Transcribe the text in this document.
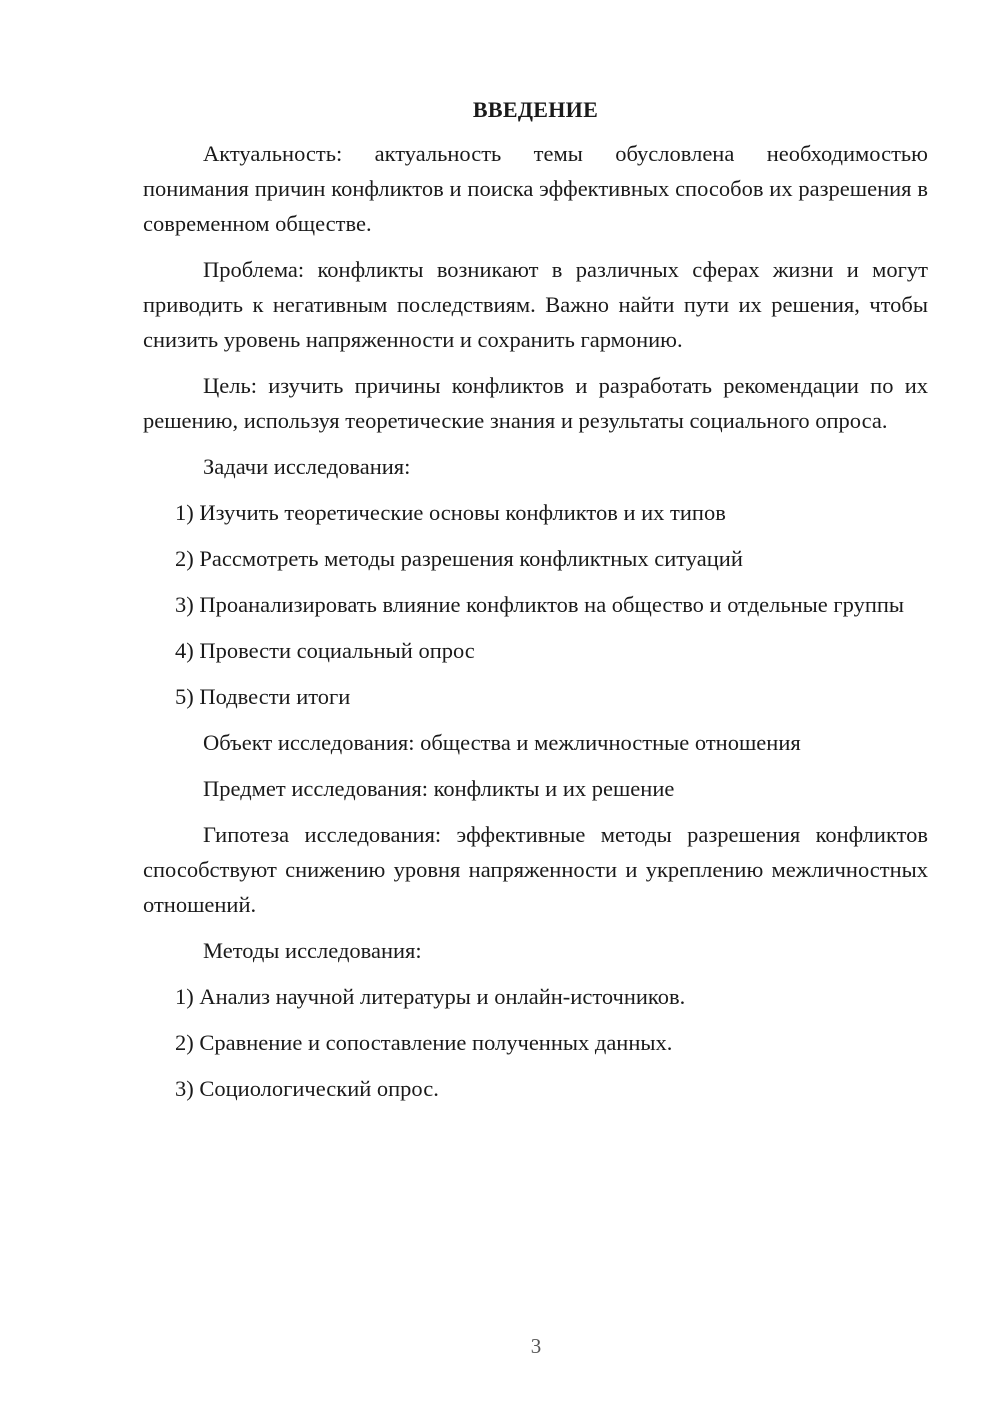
ВВЕДЕНИЕ

Актуальность: актуальность темы обусловлена необходимостью понимания причин конфликтов и поиска эффективных способов их разрешения в современном обществе.

Проблема: конфликты возникают в различных сферах жизни и могут приводить к негативным последствиям. Важно найти пути их решения, чтобы снизить уровень напряженности и сохранить гармонию.

Цель: изучить причины конфликтов и разработать рекомендации по их решению, используя теоретические знания и результаты социального опроса.

Задачи исследования:

1) Изучить теоретические основы конфликтов и их типов

2) Рассмотреть методы разрешения конфликтных ситуаций

3) Проанализировать влияние конфликтов на общество и отдельные группы

4) Провести социальный опрос

5) Подвести итоги

Объект исследования: общества и межличностные отношения

Предмет исследования: конфликты и их решение

Гипотеза исследования: эффективные методы разрешения конфликтов способствуют снижению уровня напряженности и укреплению межличностных отношений.

Методы исследования:

1) Анализ научной литературы и онлайн-источников.

2) Сравнение и сопоставление полученных данных.

3) Социологический опрос.

3
